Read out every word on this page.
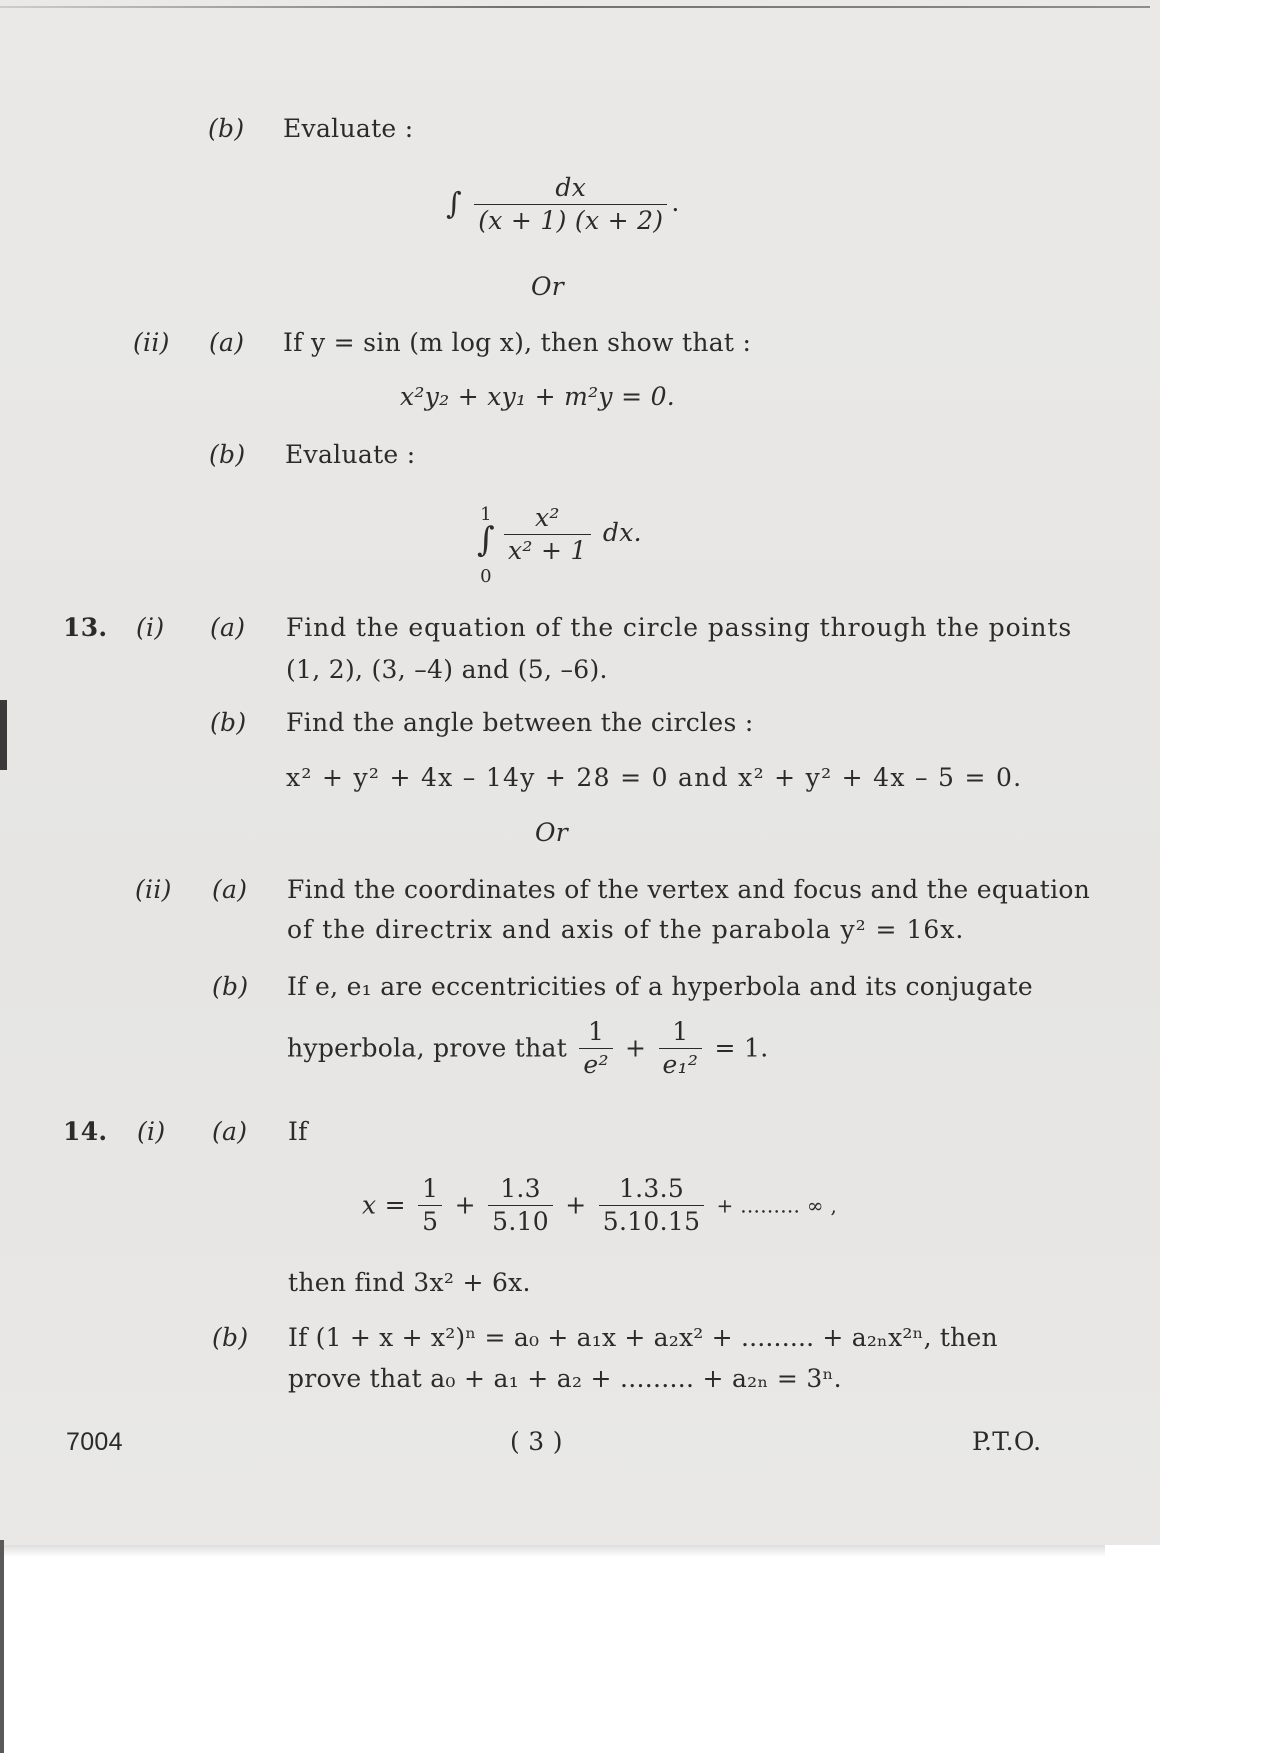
(b) Evaluate :
∫ $\frac{dx}{(x + 1) (x + 2)}$ .
Or
(ii) (a) If y = sin (m log x), then show that :
x²y₂ + xy₁ + m²y = 0.
(b) Evaluate :
1
∫
0
$\frac{\text{x²}}{\text{x² + 1}}$ dx.
13. (i) (a) Find the equation of the circle passing through the points
(1, 2), (3, –4) and (5, –6).
(b) Find the angle between the circles :
x² + y² + 4x – 14y + 28 = 0 and x² + y² + 4x – 5 = 0.
Or
(ii) (a) Find the coordinates of the vertex and focus and the equation
of the directrix and axis of the parabola y² = 16x.
(b) If e, e₁ are eccentricities of a hyperbola and its conjugate
hyperbola, prove that $\frac{1}{\text{e²}} + \frac{1}{\text{e₁²}} = 1$.
14. (i) (a) If
$x = \frac{1}{5} + \frac{1.3}{5.10} + \frac{1.3.5}{5.10.15}$ + ......... ∞ ,
then find 3x² + 6x.
(b) If (1 + x + x²)ⁿ = a₀ + a₁x + a₂x² + ......... + a₂ₙx²ⁿ, then
prove that a₀ + a₁ + a₂ + ......... + a₂ₙ = 3ⁿ.
7004	( 3 )	P.T.O.
